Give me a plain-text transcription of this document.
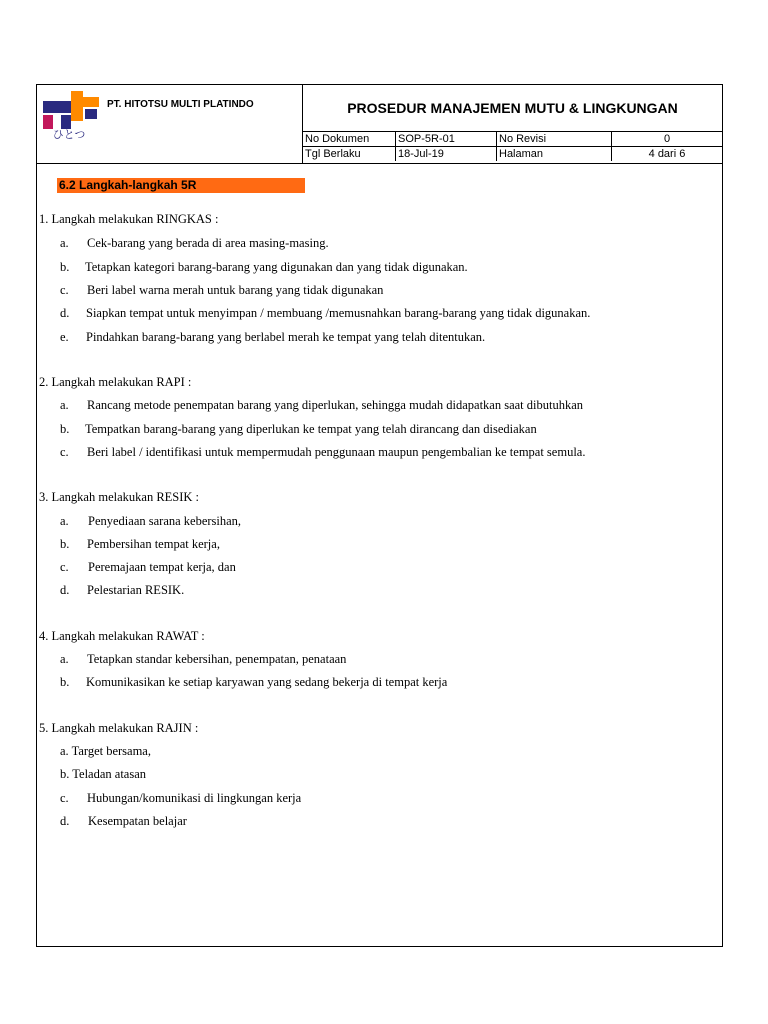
ひとつ
PT. HITOTSU MULTI PLATINDO	PROSEDUR MANAJEMEN MUTU & LINGKUNGAN
No Dokumen	SOP-5R-01	No Revisi	0
Tgl Berlaku	18-Jul-19	Halaman	4 dari 6
6.2 Langkah-langkah 5R
1. Langkah melakukan RINGKAS :
a. Cek-barang yang berada di area masing-masing.
b. Tetapkan kategori barang-barang yang digunakan dan yang tidak digunakan.
c. Beri label warna merah untuk barang yang tidak digunakan
d. Siapkan tempat untuk menyimpan / membuang /memusnahkan barang-barang yang tidak digunakan.
e. Pindahkan barang-barang yang berlabel merah ke tempat yang telah ditentukan.
2. Langkah melakukan RAPI :
a. Rancang metode penempatan barang yang diperlukan, sehingga mudah didapatkan saat dibutuhkan
b. Tempatkan barang-barang yang diperlukan ke tempat yang telah dirancang dan disediakan
c. Beri label / identifikasi untuk mempermudah penggunaan maupun pengembalian ke tempat semula.
3. Langkah melakukan RESIK :
a. Penyediaan sarana kebersihan,
b. Pembersihan tempat kerja,
c. Peremajaan tempat kerja, dan
d. Pelestarian RESIK.
4. Langkah melakukan RAWAT :
a. Tetapkan standar kebersihan, penempatan, penataan
b. Komunikasikan ke setiap karyawan yang sedang bekerja di tempat kerja
5. Langkah melakukan RAJIN :
a. Target bersama,
b. Teladan atasan
c. Hubungan/komunikasi di lingkungan kerja
d. Kesempatan belajar
